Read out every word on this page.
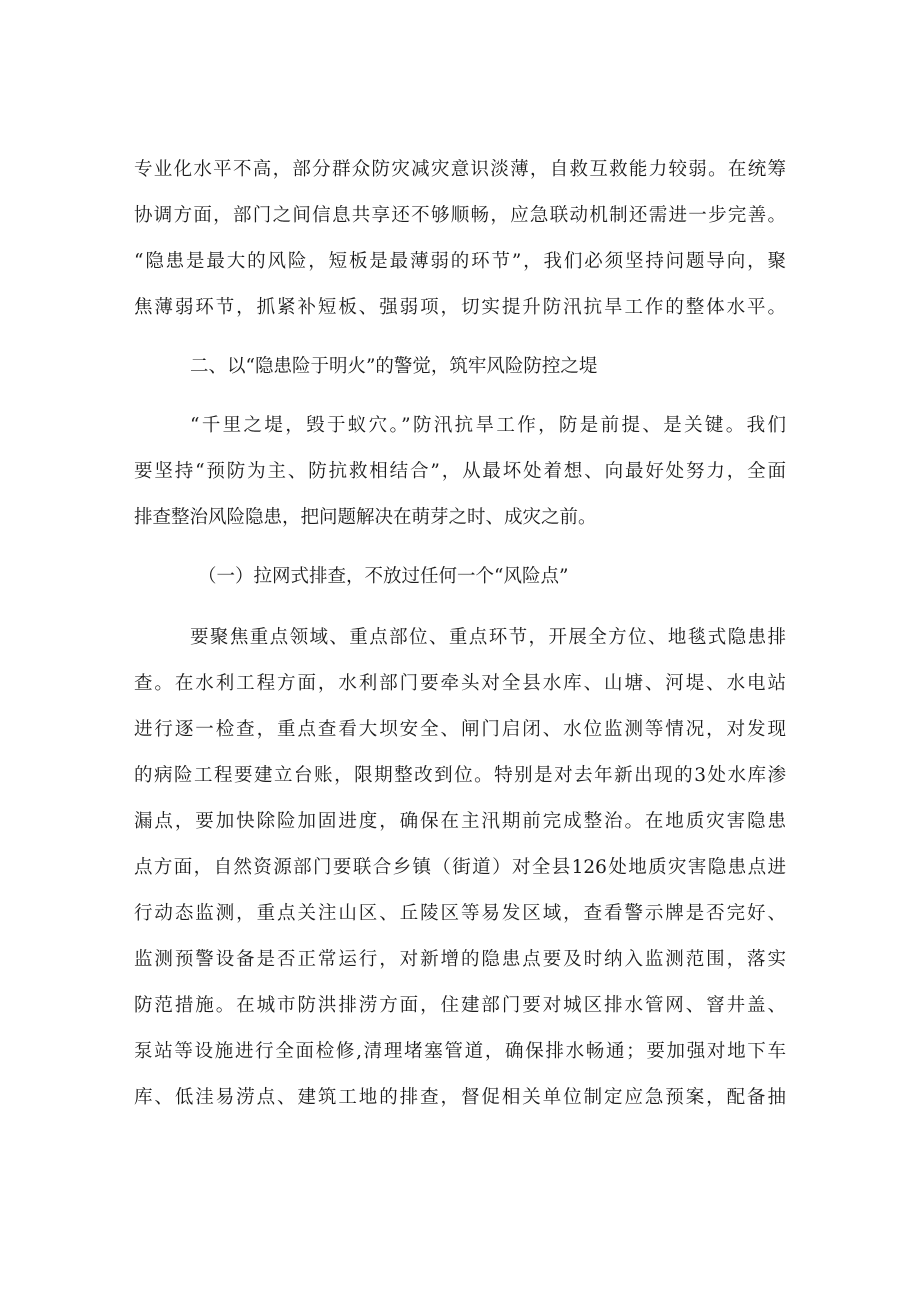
专业化水平不高，部分群众防灾减灾意识淡薄，自救互救能力较弱。在统筹
协调方面，部门之间信息共享还不够顺畅，应急联动机制还需进一步完善。
“隐患是最大的风险，短板是最薄弱的环节”，我们必须坚持问题导向，聚
焦薄弱环节，抓紧补短板、强弱项，切实提升防汛抗旱工作的整体水平。
二、以“隐患险于明火”的警觉，筑牢风险防控之堤
“千里之堤，毁于蚁穴。”防汛抗旱工作，防是前提、是关键。我们
要坚持“预防为主、防抗救相结合”，从最坏处着想、向最好处努力，全面
排查整治风险隐患，把问题解决在萌芽之时、成灾之前。
（一）拉网式排查，不放过任何一个“风险点”
要聚焦重点领域、重点部位、重点环节，开展全方位、地毯式隐患排
查。在水利工程方面，水利部门要牵头对全县水库、山塘、河堤、水电站
进行逐一检查，重点查看大坝安全、闸门启闭、水位监测等情况，对发现
的病险工程要建立台账，限期整改到位。特别是对去年新出现的3处水库渗
漏点，要加快除险加固进度，确保在主汛期前完成整治。在地质灾害隐患
点方面，自然资源部门要联合乡镇（街道）对全县126处地质灾害隐患点进
行动态监测，重点关注山区、丘陵区等易发区域，查看警示牌是否完好、
监测预警设备是否正常运行，对新增的隐患点要及时纳入监测范围，落实
防范措施。在城市防洪排涝方面，住建部门要对城区排水管网、窨井盖、
泵站等设施进行全面检修,清理堵塞管道，确保排水畅通；要加强对地下车
库、低洼易涝点、建筑工地的排查，督促相关单位制定应急预案，配备抽
